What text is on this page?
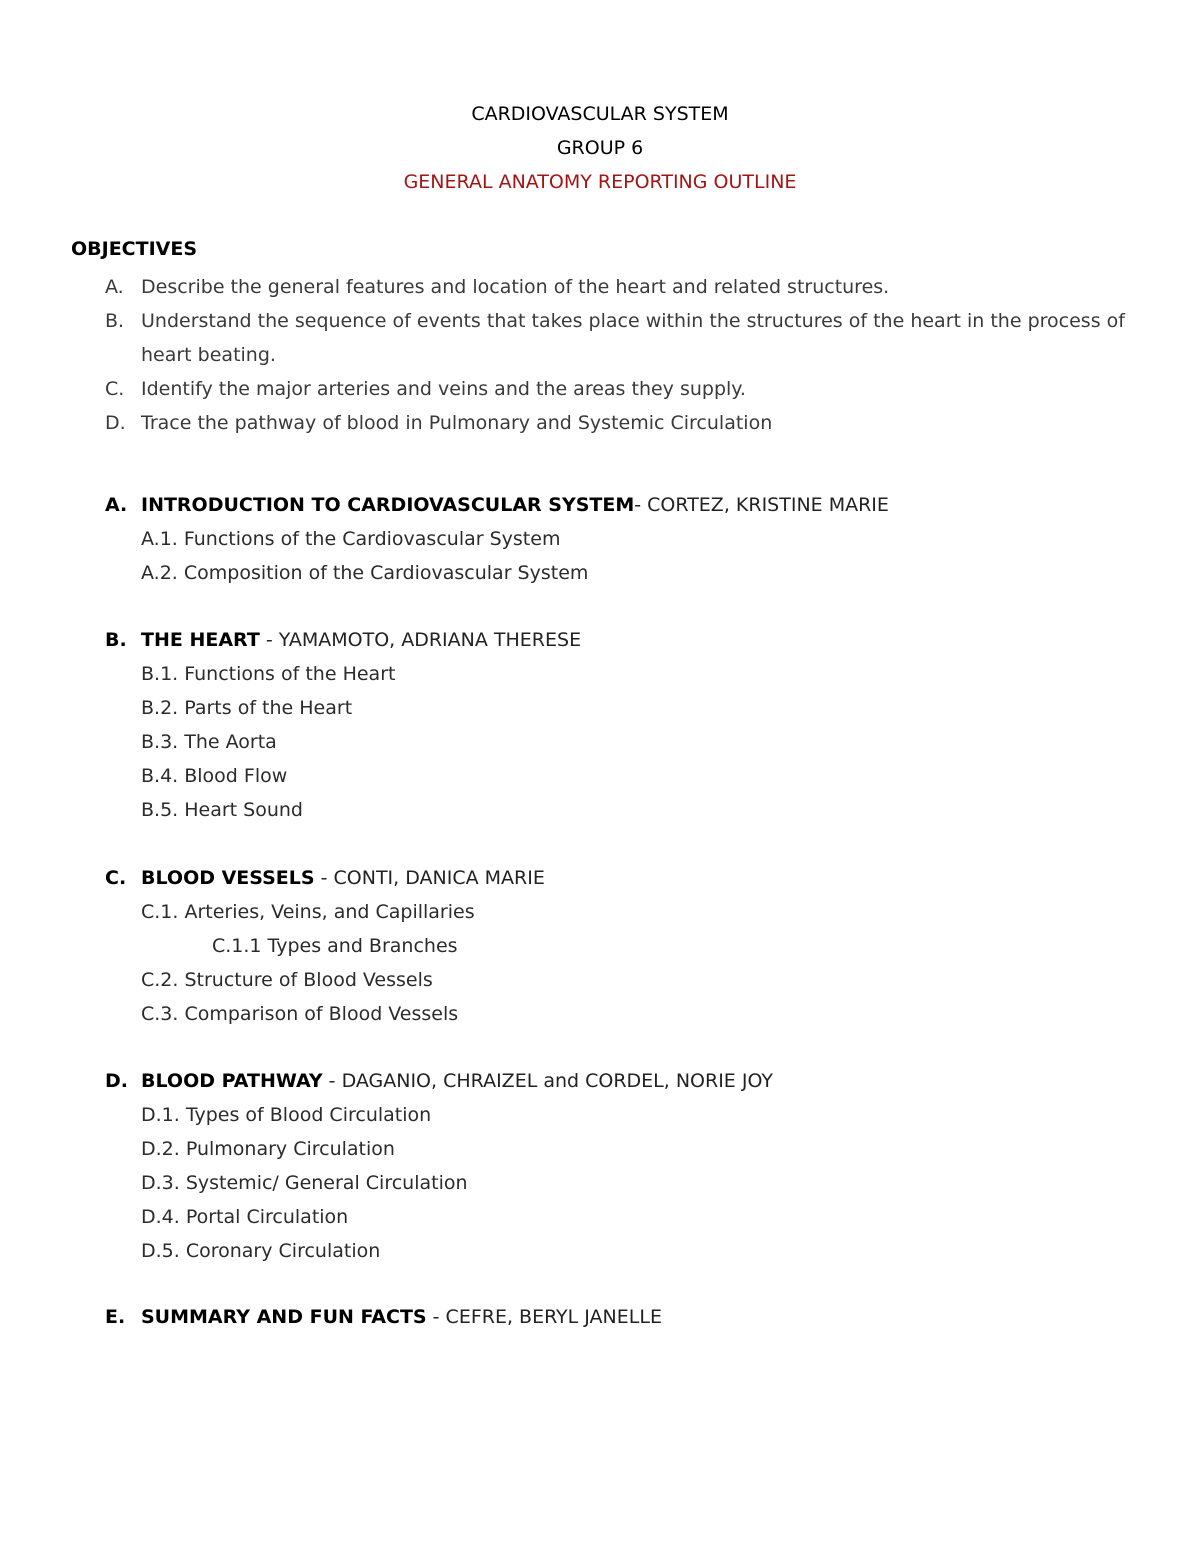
CARDIOVASCULAR SYSTEM
GROUP 6
GENERAL ANATOMY REPORTING OUTLINE
OBJECTIVES
A. Describe the general features and location of the heart and related structures.
B. Understand the sequence of events that takes place within the structures of the heart in the process of heart beating.
C. Identify the major arteries and veins and the areas they supply.
D. Trace the pathway of blood in Pulmonary and Systemic Circulation
A. INTRODUCTION TO CARDIOVASCULAR SYSTEM- CORTEZ, KRISTINE MARIE
A.1. Functions of the Cardiovascular System
A.2. Composition of the Cardiovascular System
B. THE HEART - YAMAMOTO, ADRIANA THERESE
B.1. Functions of the Heart
B.2. Parts of the Heart
B.3. The Aorta
B.4. Blood Flow
B.5. Heart Sound
C. BLOOD VESSELS - CONTI, DANICA MARIE
C.1. Arteries, Veins, and Capillaries
C.1.1 Types and Branches
C.2. Structure of Blood Vessels
C.3. Comparison of Blood Vessels
D. BLOOD PATHWAY - DAGANIO, CHRAIZEL and CORDEL, NORIE JOY
D.1. Types of Blood Circulation
D.2. Pulmonary Circulation
D.3. Systemic/ General Circulation
D.4. Portal Circulation
D.5. Coronary Circulation
E. SUMMARY AND FUN FACTS - CEFRE, BERYL JANELLE
